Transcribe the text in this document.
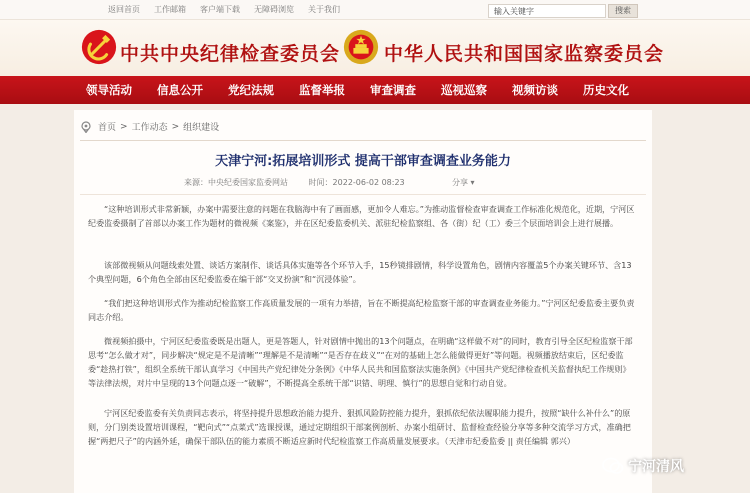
返回首页 工作邮箱 客户端下载 无障碍浏览 关于我们	输入关键字	搜索
中共中央纪律检查委员会 中华人民共和国国家监察委员会
领导活动 信息公开 党纪法规 监督举报 审查调查 巡视巡察 视频访谈 历史文化
首页 > 工作动态 > 组织建设
天津宁河:拓展培训形式 提高干部审查调查业务能力
来源：中央纪委国家监委网站	时间：2022-06-02 08:23	分享 ▾

“这种培训形式非常新颖，办案中需要注意的问题在我脑海中有了画面感，更加令人难忘。”为推动监督检查审查调查工作标准化规范化，近期，宁河区纪委监委摄制了首部以办案工作为题材的微视频《案鉴》，并在区纪委监委机关、派驻纪检监察组、各（街）纪（工）委三个层面培训会上进行展播。

该部微视频从问题线索处置、谈话方案制作、谈话具体实施等各个环节入手，15秒镜排剧情，科学设置角色，剧情内容覆盖5个办案关键环节、含13个典型问题，6个角色全部由区纪委监委在编干部“交叉扮演”和“沉浸体验”。

“我们把这种培训形式作为推动纪检监察工作高质量发展的一项有力举措，旨在不断提高纪检监察干部的审查调查业务能力。”宁河区纪委监委主要负责同志介绍。

微视频拍摄中，宁河区纪委监委既是出题人，更是答题人，针对剧情中抛出的13个问题点，在明确“这样做不对”的同时，教育引导全区纪检监察干部思考“怎么做才对”，同步解决“规定是不是清晰”“理解是不是清晰”“是否存在歧义”“在对的基础上怎么能做得更好”等问题。视频播放结束后，区纪委监委“趁热打铁”，组织全系统干部认真学习《中国共产党纪律处分条例》《中华人民共和国监察法实施条例》《中国共产党纪律检查机关监督执纪工作规则》等法律法规，对片中呈现的13个问题点逐一“破解”，不断提高全系统干部“识错、明理、慎行”的思想自觉和行动自觉。

宁河区纪委监委有关负责同志表示，将坚持提升思想政治能力提升、狠抓风险防控能力提升，狠抓依纪依法履职能力提升，按照“缺什么补什么”的原则，分门别类设置培训课程，“靶向式”“点菜式”选课授课，通过定期组织干部案例剖析、办案小组研讨、监督检查经验分享等多种交流学习方式，准确把握“两把尺子”的内涵外延，确保干部队伍的能力素质不断适应新时代纪检监察工作高质量发展要求。（天津市纪委监委 || 责任编辑 郭兴）

宁河清风
